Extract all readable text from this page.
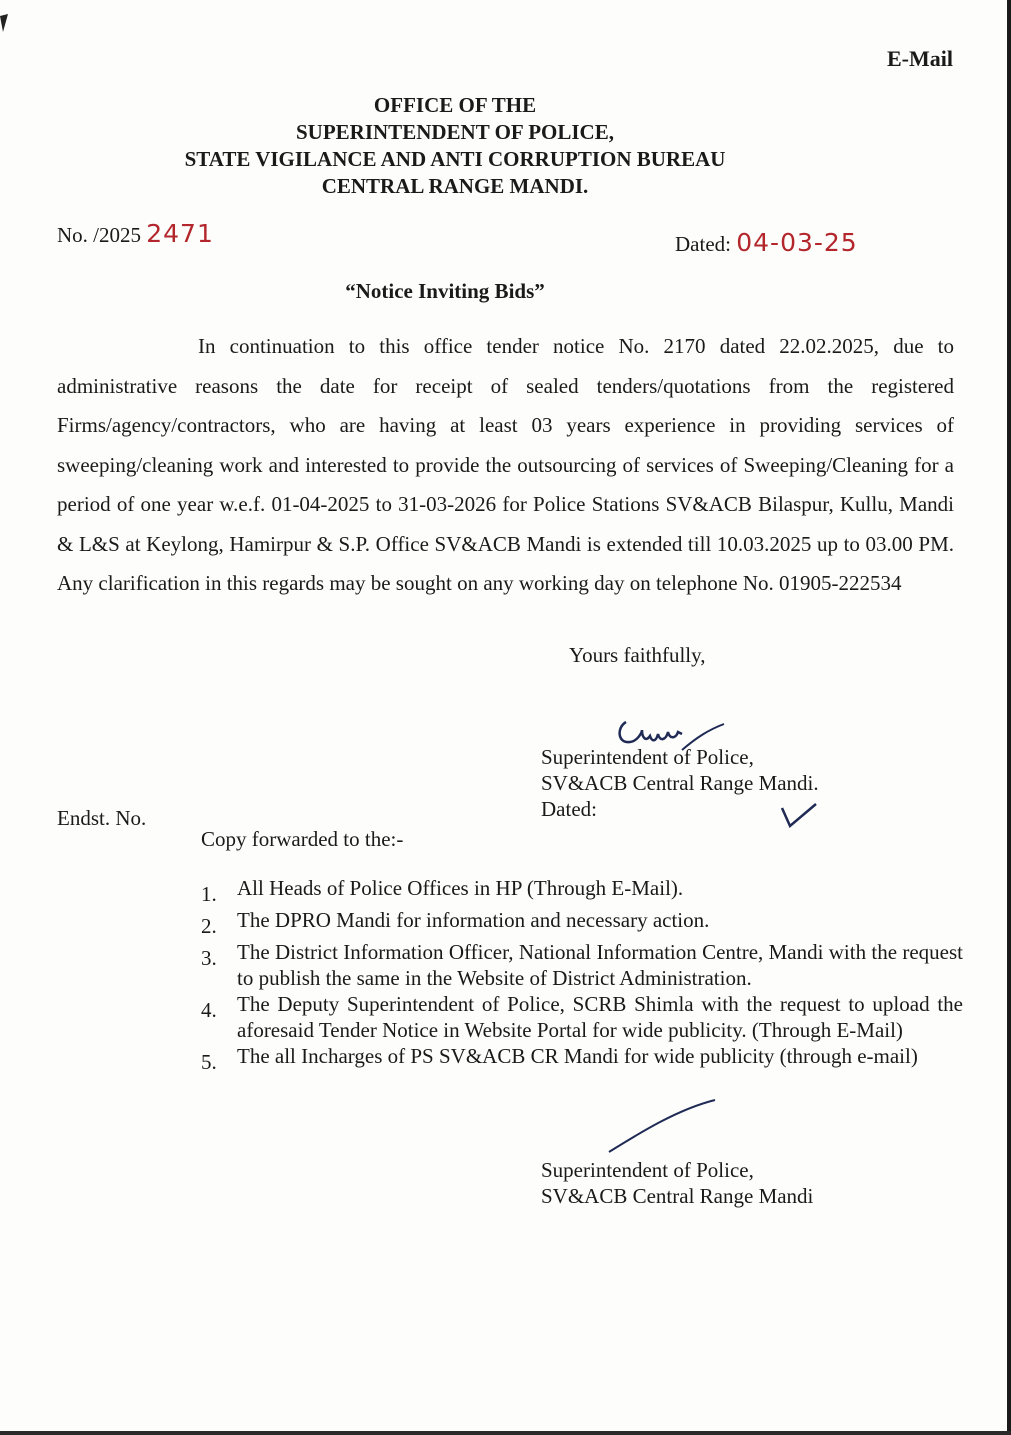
E-Mail
OFFICE OF THE
SUPERINTENDENT OF POLICE,
STATE VIGILANCE AND ANTI CORRUPTION BUREAU
CENTRAL RANGE MANDI.
No. /2025 2471	Dated: 04-03-25
“Notice Inviting Bids”

In continuation to this office tender notice No. 2170 dated 22.02.2025, due to administrative reasons the date for receipt of sealed tenders/quotations from the registered Firms/agency/contractors, who are having at least 03 years experience in providing services of sweeping/cleaning work and interested to provide the outsourcing of services of Sweeping/Cleaning for a period of one year w.e.f. 01-04-2025 to 31-03-2026 for Police Stations SV&ACB Bilaspur, Kullu, Mandi & L&S at Keylong, Hamirpur & S.P. Office SV&ACB Mandi is extended till 10.03.2025 up to 03.00 PM. Any clarification in this regards may be sought on any working day on telephone No. 01905-222534

Yours faithfully,
Superintendent of Police,
SV&ACB Central Range Mandi.
Dated:
Endst. No.
Copy forwarded to the:-
1. All Heads of Police Offices in HP (Through E-Mail).
2. The DPRO Mandi for information and necessary action.
3. The District Information Officer, National Information Centre, Mandi with the request to publish the same in the Website of District Administration.
4. The Deputy Superintendent of Police, SCRB Shimla with the request to upload the aforesaid Tender Notice in Website Portal for wide publicity. (Through E-Mail)
5. The all Incharges of PS SV&ACB CR Mandi for wide publicity (through e-mail)
Superintendent of Police,
SV&ACB Central Range Mandi
